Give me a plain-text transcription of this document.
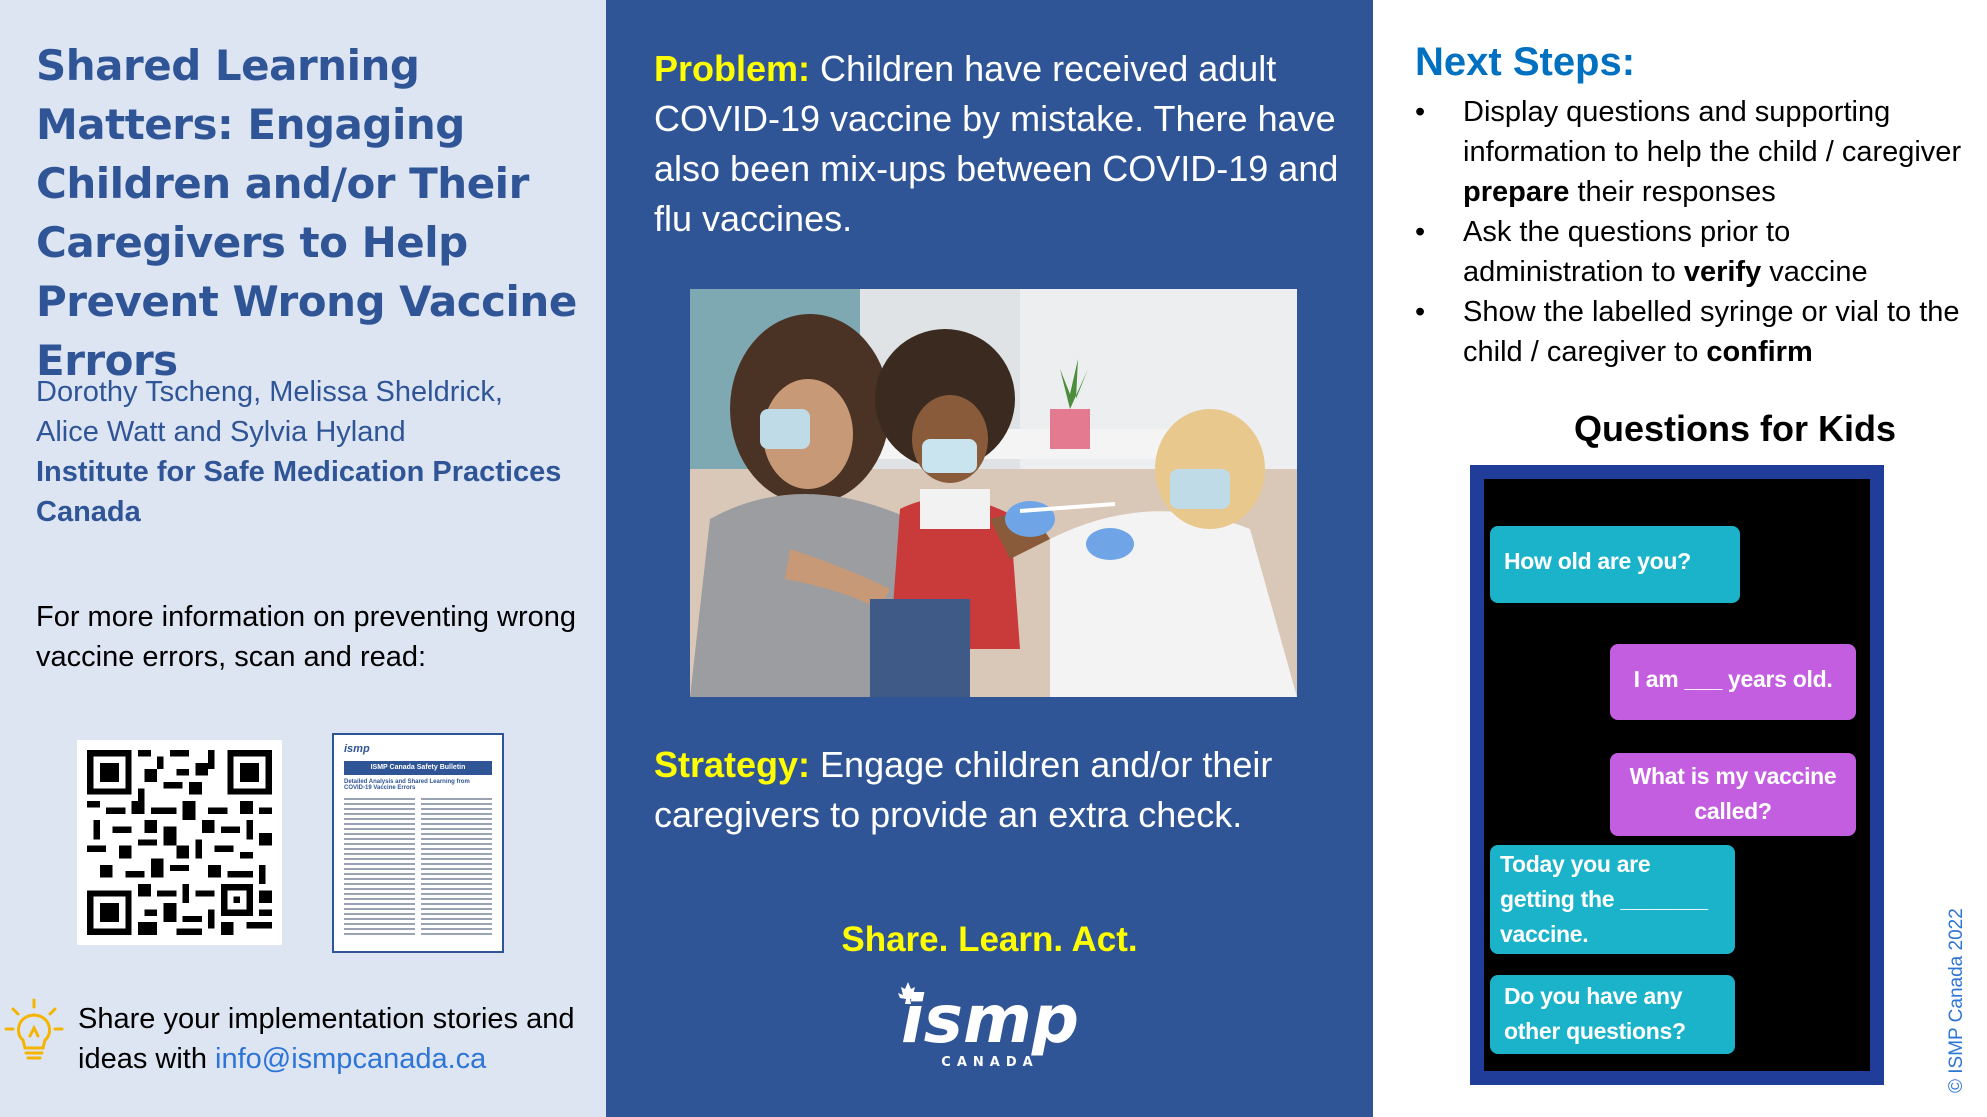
Shared Learning Matters: Engaging Children and/or Their Caregivers to Help Prevent Wrong Vaccine Errors
Dorothy Tscheng, Melissa Sheldrick,
Alice Watt and Sylvia Hyland
Institute for Safe Medication Practices Canada

For more information on preventing wrong vaccine errors, scan and read:

ismp
ISMP Canada Safety Bulletin
Detailed Analysis and Shared Learning from COVID-19 Vaccine Errors

Share your implementation stories and ideas with info@ismpcanada.ca

Problem: Children have received adult COVID-19 vaccine by mistake. There have also been mix-ups between COVID-19 and flu vaccines.

Strategy: Engage children and/or their caregivers to provide an extra check.

Share. Learn. Act.
ismp
CANADA
Next Steps:
• Display questions and supporting information to help the child / caregiver prepare their responses
• Ask the questions prior to administration to verify vaccine
• Show the labelled syringe or vial to the child / caregiver to confirm
Questions for Kids
How old are you?
I am ___ years old.
What is my vaccine called?
Today you are getting the _______ vaccine.
Do you have any other questions?	© ISMP Canada 2022
